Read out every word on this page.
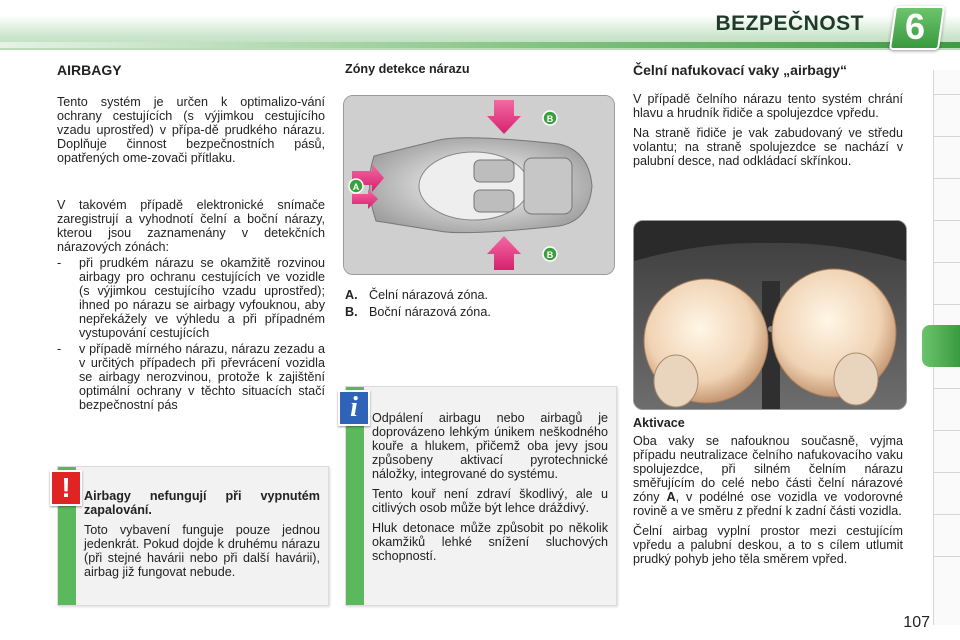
BEZPEČNOST 6
AIRBAGY

Tento systém je určen k optimalizo-vání ochrany cestujících (s výjimkou cestujícího vzadu uprostřed) v přípa-dě prudkého nárazu. Doplňuje činnost bezpečnostních pásů, opatřených ome-zovači přítlaku.

V takovém případě elektronické snímače zaregistrují a vyhodnotí čelní a boční nárazy, kterou jsou zaznamenány v detekčních nárazových zónách:

- při prudkém nárazu se okamžitě rozvinou airbagy pro ochranu cestujících ve vozidle (s výjimkou cestujícího vzadu uprostřed); ihned po nárazu se airbagy vyfouknou, aby nepřekážely ve výhledu a při případném vystupování cestujících
- v případě mírného nárazu, nárazu zezadu a v určitých případech při převrácení vozidla se airbagy nerozvinou, protože k zajištění optimální ochrany v těchto situacích stačí bezpečnostní pás

Airbagy nefungují při vypnutém zapalování.

Toto vybavení funguje pouze jednou jedenkrát. Pokud dojde k druhému nárazu (při stejné havárii nebo při další havárii), airbag již fungovat nebude.

!
Zóny detekce nárazu
B
B
A
A. Čelní nárazová zóna.
B. Boční nárazová zóna.

Odpálení airbagu nebo airbagů je doprovázeno lehkým únikem neškodného kouře a hlukem, přičemž oba jevy jsou způsobeny aktivací pyrotechnické náložky, integrované do systému.

Tento kouř není zdraví škodlivý, ale u citlivých osob může být lehce dráždivý.

Hluk detonace může způsobit po několik okamžiků lehké snížení sluchových schopností.

i
Čelní nafukovací vaky „airbagy“

V případě čelního nárazu tento systém chrání hlavu a hrudník řidiče a spolujezdce vpředu.

Na straně řidiče je vak zabudovaný ve středu volantu; na straně spolujezdce se nachází v palubní desce, nad odkládací skřínkou.

Aktivace

Oba vaky se nafouknou současně, vyjma případu neutralizace čelního nafukovacího vaku spolujezdce, při silném čelním nárazu směřujícím do celé nebo části čelní nárazové zóny A, v podélné ose vozidla ve vodorovné rovině a ve směru z přední k zadní části vozidla.

Čelní airbag vyplní prostor mezi cestujícím vpředu a palubní deskou, a to s cílem utlumit prudký pohyb jeho těla směrem vpřed.

107
